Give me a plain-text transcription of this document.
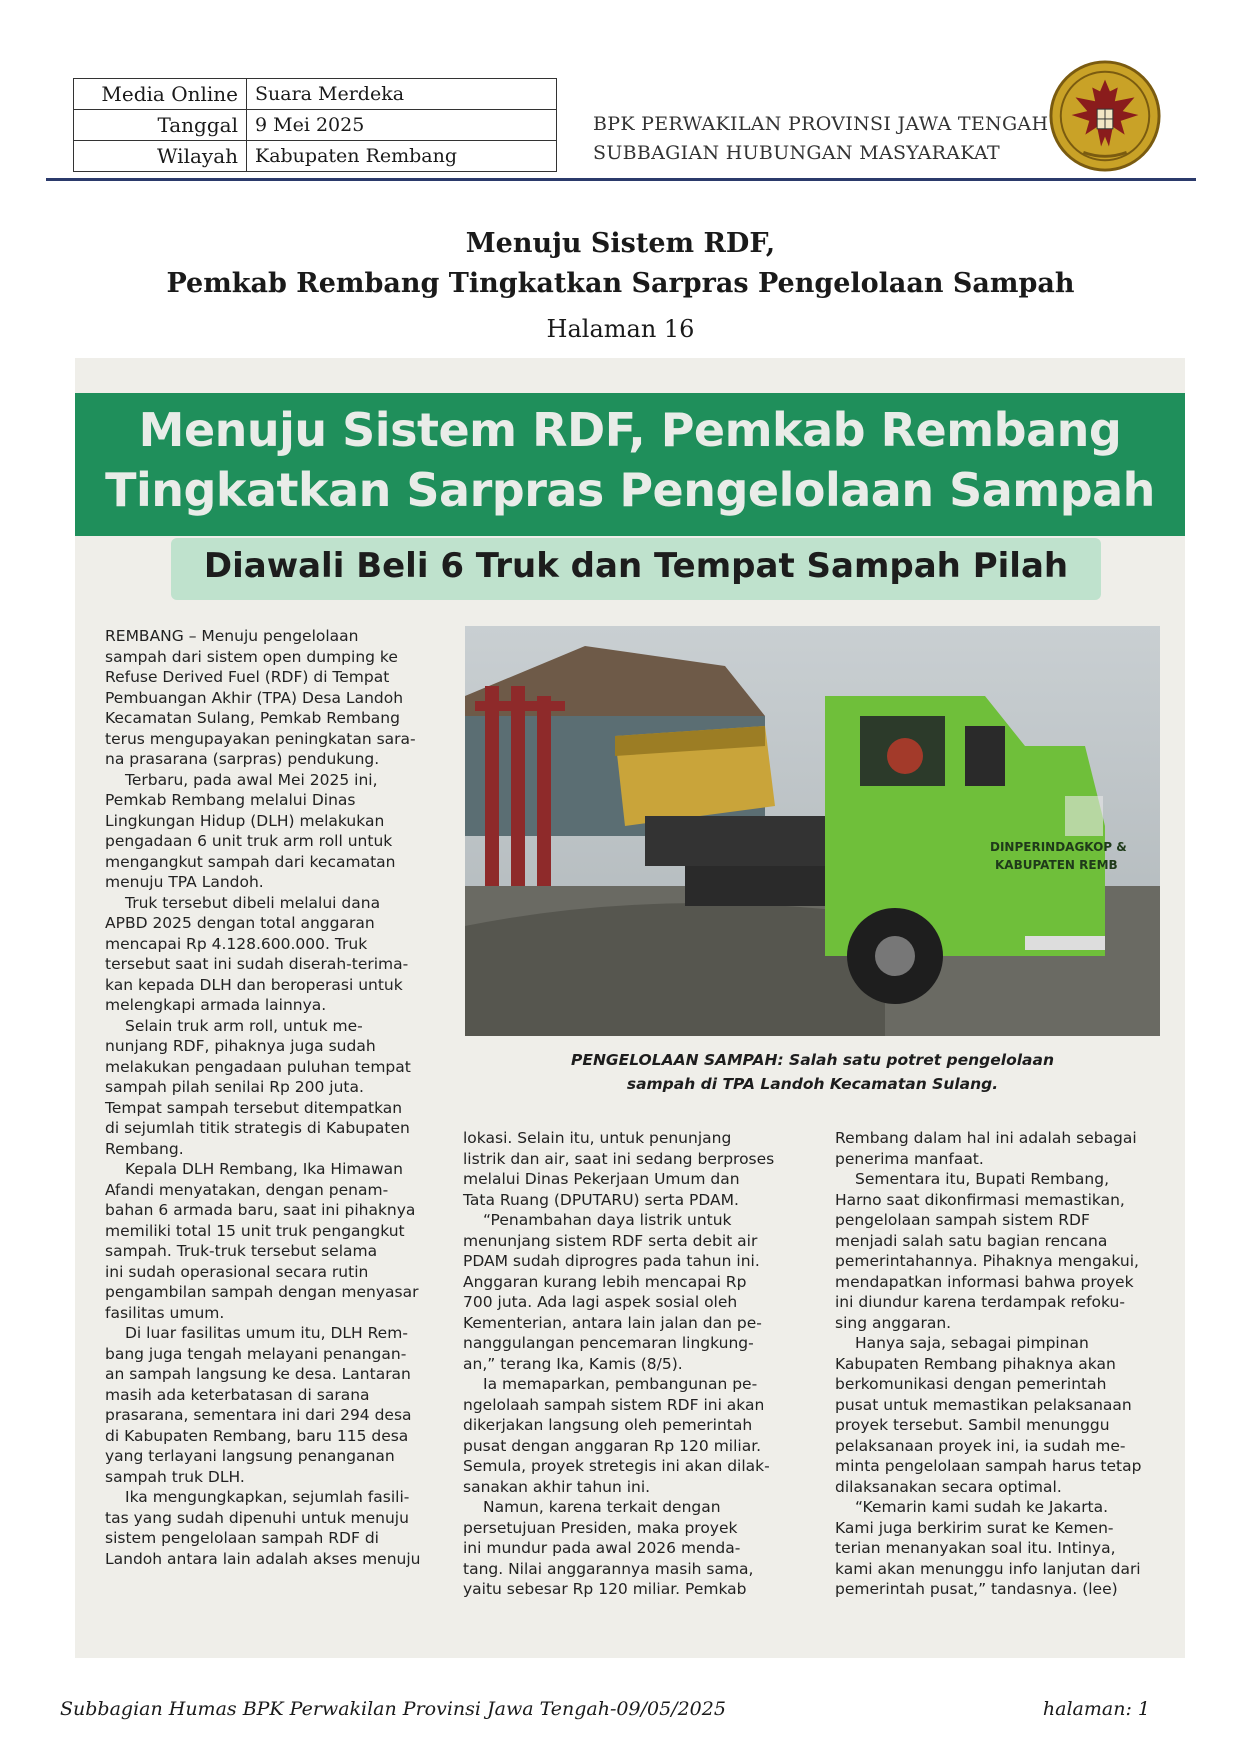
Media Online	Suara Merdeka
Tanggal	9 Mei 2025
Wilayah	Kabupaten Rembang
BPK PERWAKILAN PROVINSI JAWA TENGAH
SUBBAGIAN HUBUNGAN MASYARAKAT
Menuju Sistem RDF,
Pemkab Rembang Tingkatkan Sarpras Pengelolaan Sampah
Halaman 16
Menuju Sistem RDF, Pemkab Rembang
Tingkatkan Sarpras Pengelolaan Sampah
Diawali Beli 6 Truk dan Tempat Sampah Pilah

REMBANG – Menuju pengelolaan
sampah dari sistem open dumping ke
Refuse Derived Fuel (RDF) di Tempat
Pembuangan Akhir (TPA) Desa Landoh
Kecamatan Sulang, Pemkab Rembang
terus mengupayakan peningkatan sara-
na prasarana (sarpras) pendukung.

Terbaru, pada awal Mei 2025 ini,
Pemkab Rembang melalui Dinas
Lingkungan Hidup (DLH) melakukan
pengadaan 6 unit truk arm roll untuk
mengangkut sampah dari kecamatan
menuju TPA Landoh.

Truk tersebut dibeli melalui dana
APBD 2025 dengan total anggaran
mencapai Rp 4.128.600.000. Truk
tersebut saat ini sudah diserah-terima-
kan kepada DLH dan beroperasi untuk
melengkapi armada lainnya.

Selain truk arm roll, untuk me-
nunjang RDF, pihaknya juga sudah
melakukan pengadaan puluhan tempat
sampah pilah senilai Rp 200 juta.
Tempat sampah tersebut ditempatkan
di sejumlah titik strategis di Kabupaten
Rembang.

Kepala DLH Rembang, Ika Himawan
Afandi menyatakan, dengan penam-
bahan 6 armada baru, saat ini pihaknya
memiliki total 15 unit truk pengangkut
sampah. Truk-truk tersebut selama
ini sudah operasional secara rutin
pengambilan sampah dengan menyasar
fasilitas umum.

Di luar fasilitas umum itu, DLH Rem-
bang juga tengah melayani penangan-
an sampah langsung ke desa. Lantaran
masih ada keterbatasan di sarana
prasarana, sementara ini dari 294 desa
di Kabupaten Rembang, baru 115 desa
yang terlayani langsung penanganan
sampah truk DLH.

Ika mengungkapkan, sejumlah fasili-
tas yang sudah dipenuhi untuk menuju
sistem pengelolaan sampah RDF di
Landoh antara lain adalah akses menuju

DINPERINDAGKOP &
KABUPATEN REMB
PENGELOLAAN SAMPAH: Salah satu potret pengelolaan
sampah di TPA Landoh Kecamatan Sulang.

lokasi. Selain itu, untuk penunjang
listrik dan air, saat ini sedang berproses
melalui Dinas Pekerjaan Umum dan
Tata Ruang (DPUTARU) serta PDAM.

“Penambahan daya listrik untuk
menunjang sistem RDF serta debit air
PDAM sudah diprogres pada tahun ini.
Anggaran kurang lebih mencapai Rp
700 juta. Ada lagi aspek sosial oleh
Kementerian, antara lain jalan dan pe-
nanggulangan pencemaran lingkung-
an,” terang Ika, Kamis (8/5).

Ia memaparkan, pembangunan pe-
ngelolaah sampah sistem RDF ini akan
dikerjakan langsung oleh pemerintah
pusat dengan anggaran Rp 120 miliar.
Semula, proyek stretegis ini akan dilak-
sanakan akhir tahun ini.

Namun, karena terkait dengan
persetujuan Presiden, maka proyek
ini mundur pada awal 2026 menda-
tang. Nilai anggarannya masih sama,
yaitu sebesar Rp 120 miliar. Pemkab

Rembang dalam hal ini adalah sebagai
penerima manfaat.

Sementara itu, Bupati Rembang,
Harno saat dikonfirmasi memastikan,
pengelolaan sampah sistem RDF
menjadi salah satu bagian rencana
pemerintahannya. Pihaknya mengakui,
mendapatkan informasi bahwa proyek
ini diundur karena terdampak refoku-
sing anggaran.

Hanya saja, sebagai pimpinan
Kabupaten Rembang pihaknya akan
berkomunikasi dengan pemerintah
pusat untuk memastikan pelaksanaan
proyek tersebut. Sambil menunggu
pelaksanaan proyek ini, ia sudah me-
minta pengelolaan sampah harus tetap
dilaksanakan secara optimal.

“Kemarin kami sudah ke Jakarta.
Kami juga berkirim surat ke Kemen-
terian menanyakan soal itu. Intinya,
kami akan menunggu info lanjutan dari
pemerintah pusat,” tandasnya. (lee)

Subbagian Humas BPK Perwakilan Provinsi Jawa Tengah-09/05/2025	halaman: 1
